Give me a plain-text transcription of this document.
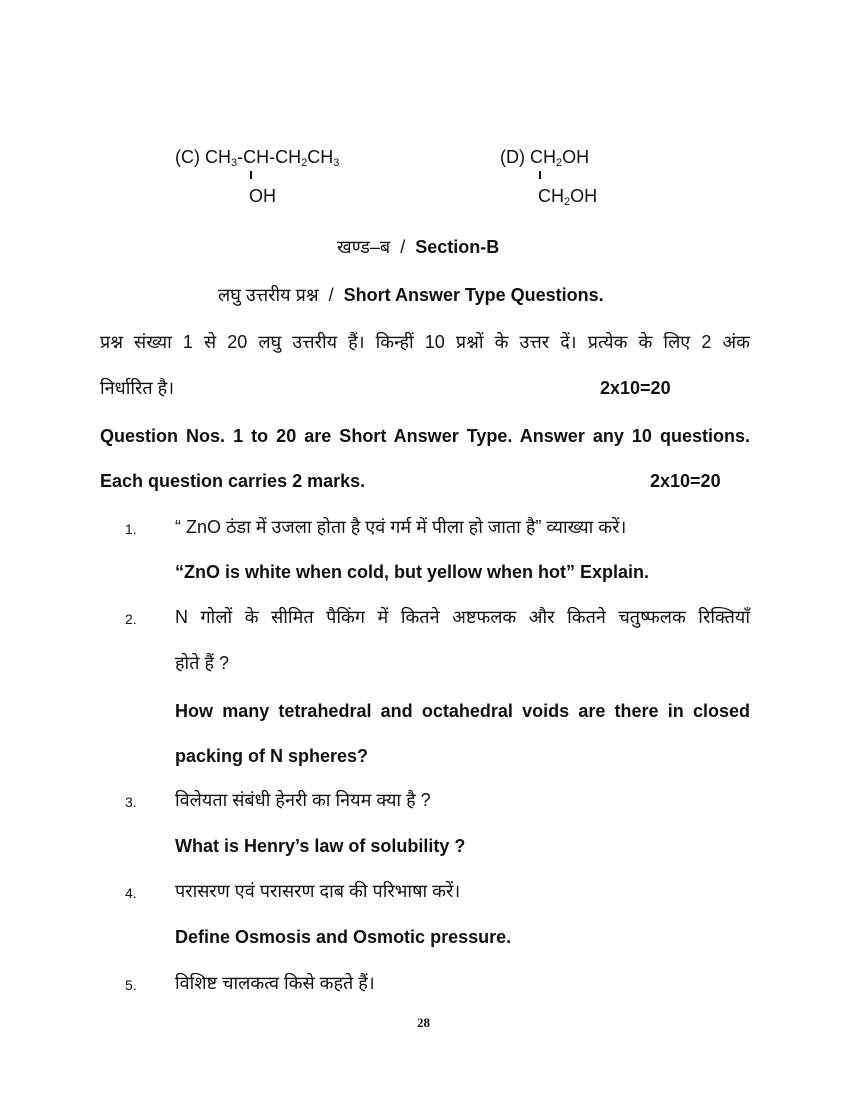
(C) $CH_3-CH-CH_2CH_3$
OH
(D) $CH_2OH$
$CH_2OH$
खण्ड–ब / Section-B
लघु उत्तरीय प्रश्न / Short Answer Type Questions.
प्रश्न संख्या 1 से 20 लघु उत्तरीय हैं। किन्हीं 10 प्रश्नों के उत्तर दें। प्रत्येक के लिए 2 अंक
निर्धारित है।	2x10=20
Question Nos. 1 to 20 are Short Answer Type. Answer any 10 questions.
Each question carries 2 marks.	2x10=20
1. “ ZnO ठंडा में उजला होता है एवं गर्म में पीला हो जाता है” व्याख्या करें।
“ZnO is white when cold, but yellow when hot” Explain.
2. N गोलों के सीमित पैकिंग में कितने अष्टफलक और कितने चतुष्फलक रिक्तियाँ
होते हैं ?
How many tetrahedral and octahedral voids are there in closed
packing of N spheres?
3. विलेयता संबंधी हेनरी का नियम क्या है ?
What is Henry’s law of solubility ?
4. परासरण एवं परासरण दाब की परिभाषा करें।
Define Osmosis and Osmotic pressure.
5. विशिष्ट चालकत्व किसे कहते हैं।
28
